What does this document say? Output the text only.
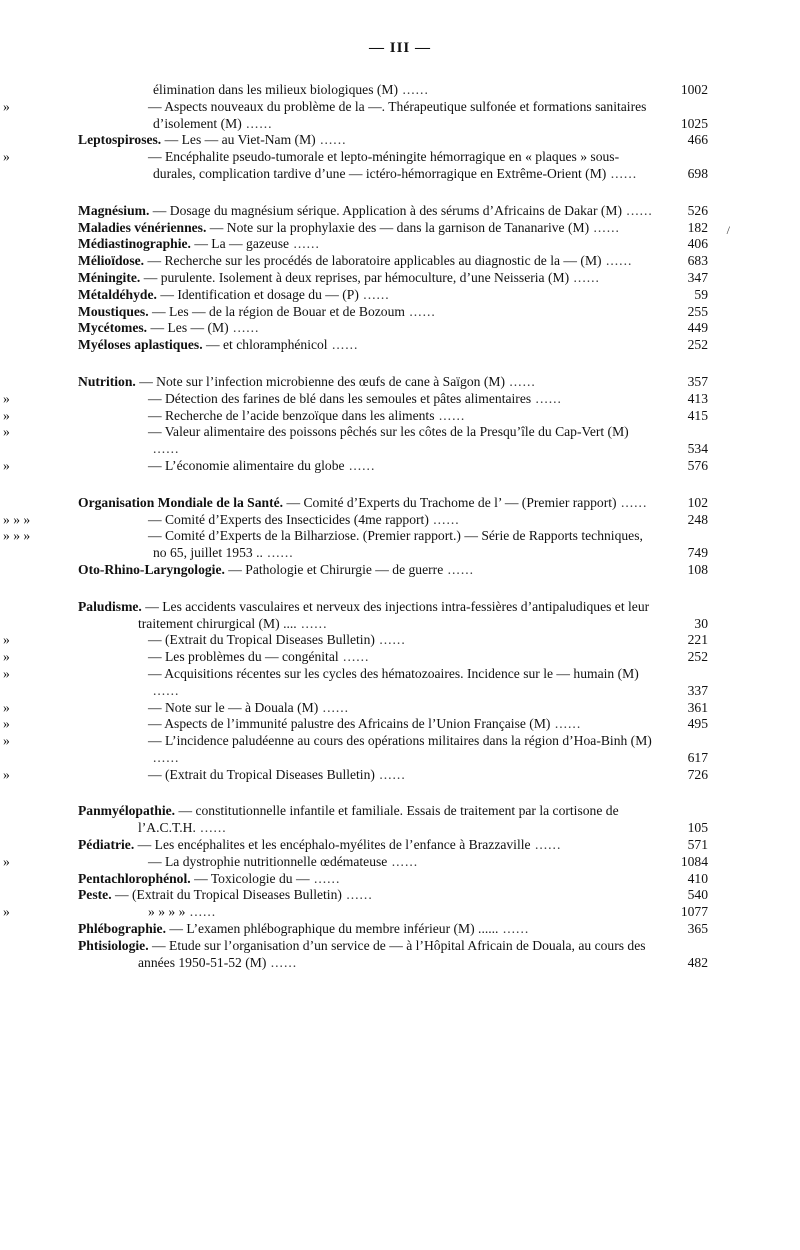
— III —
élimination dans les milieux biologiques (M) ......	1002
»	— Aspects nouveaux du problème de la —. Thérapeutique sulfonée et formations sanitaires d’isolement (M) ......	1025
Leptospiroses. — Les — au Viet-Nam (M) ......	466
»	— Encéphalite pseudo-tumorale et lepto-méningite hémorragique en « plaques » sous-durales, complication tardive d’une — ictéro-hémorragique en Extrême-Orient (M) ......	698
Magnésium. — Dosage du magnésium sérique. Application à des sérums d’Africains de Dakar (M) ......	526
Maladies vénériennes. — Note sur la prophylaxie des — dans la garnison de Tananarive (M) ......	182 /
Médiastinographie. — La — gazeuse ......	406
Mélioïdose. — Recherche sur les procédés de laboratoire applicables au diagnostic de la — (M) ......	683
Méningite. — purulente. Isolement à deux reprises, par hémoculture, d’une Neisseria (M) ......	347
Métaldéhyde. — Identification et dosage du — (P) ......	59
Moustiques. — Les — de la région de Bouar et de Bozoum ......	255
Mycétomes. — Les — (M) ......	449
Myéloses aplastiques. — et chloramphénicol ......	252
Nutrition. — Note sur l’infection microbienne des œufs de cane à Saïgon (M) ......	357
»	— Détection des farines de blé dans les semoules et pâtes alimentaires ......	413
»	— Recherche de l’acide benzoïque dans les aliments ......	415
»	— Valeur alimentaire des poissons pêchés sur les côtes de la Presqu’île du Cap-Vert (M) ......	534
»	— L’économie alimentaire du globe ......	576
Organisation Mondiale de la Santé. — Comité d’Experts du Trachome de l’ — (Premier rapport) ......	102
» » »	— Comité d’Experts des Insecticides (4me rapport) ......	248
» » »	— Comité d’Experts de la Bilharziose. (Premier rapport.) — Série de Rapports techniques, no 65, juillet 1953 .. ......	749
Oto-Rhino-Laryngologie. — Pathologie et Chirurgie — de guerre ......	108
Paludisme. — Les accidents vasculaires et nerveux des injections intra-fessières d’antipaludiques et leur traitement chirurgical (M) .... ......	30
»	— (Extrait du Tropical Diseases Bulletin) ......	221
»	— Les problèmes du — congénital ......	252
»	— Acquisitions récentes sur les cycles des hématozoaires. Incidence sur le — humain (M) ......	337
»	— Note sur le — à Douala (M) ......	361
»	— Aspects de l’immunité palustre des Africains de l’Union Française (M) ......	495
»	— L’incidence paludéenne au cours des opérations militaires dans la région d’Hoa-Binh (M) ......	617
»	— (Extrait du Tropical Diseases Bulletin) ......	726
Panmyélopathie. — constitutionnelle infantile et familiale. Essais de traitement par la cortisone de l’A.C.T.H. ......	105
Pédiatrie. — Les encéphalites et les encéphalo-myélites de l’enfance à Brazzaville ......	571
»	— La dystrophie nutritionnelle œdémateuse ......	1084
Pentachlorophénol. — Toxicologie du — ......	410
Peste. — (Extrait du Tropical Diseases Bulletin) ......	540
»	» » » » ......	1077
Phlébographie. — L’examen phlébographique du membre inférieur (M) ...... ......	365
Phtisiologie. — Etude sur l’organisation d’un service de — à l’Hôpital Africain de Douala, au cours des années 1950-51-52 (M) ......	482
